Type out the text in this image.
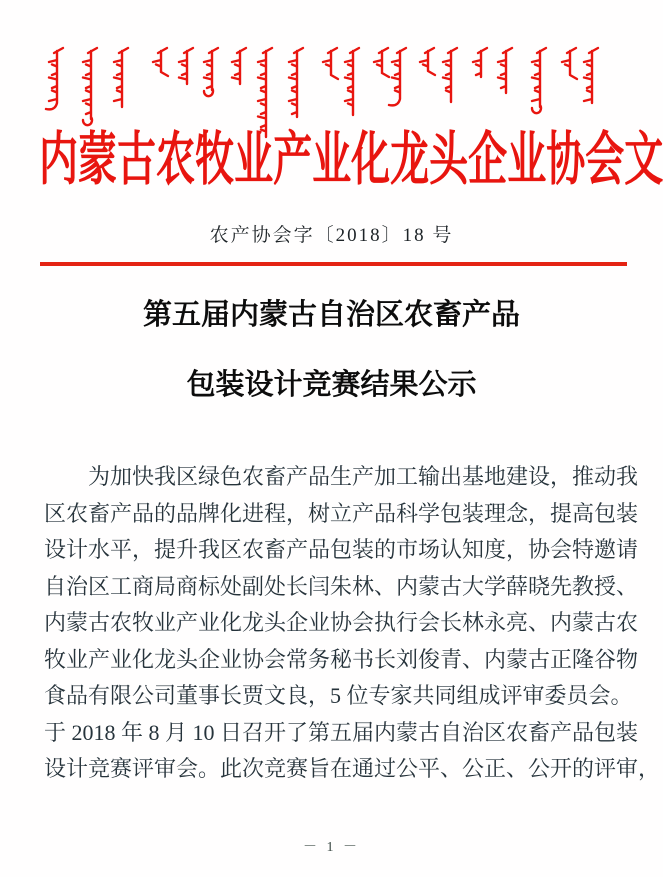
内 蒙 古 农 牧 业 产 业 化 龙 头 企 业 协 会 文
农产协会字〔2018〕18 号
第五届内蒙古自治区农畜产品
包装设计竞赛结果公示
为加快我区绿色农畜产品生产加工输出基地建设，推动我
区农畜产品的品牌化进程，树立产品科学包装理念，提高包装
设计水平，提升我区农畜产品包装的市场认知度，协会特邀请
自治区工商局商标处副处长闫朱林、内蒙古大学薛晓先教授、
内蒙古农牧业产业化龙头企业协会执行会长林永亮、内蒙古农
牧业产业化龙头企业协会常务秘书长刘俊青、内蒙古正隆谷物
食品有限公司董事长贾文良，5 位专家共同组成评审委员会。
于 2018 年 8 月 10 日召开了第五届内蒙古自治区农畜产品包装
设计竞赛评审会。此次竞赛旨在通过公平、公正、公开的评审，
－ 1 －
